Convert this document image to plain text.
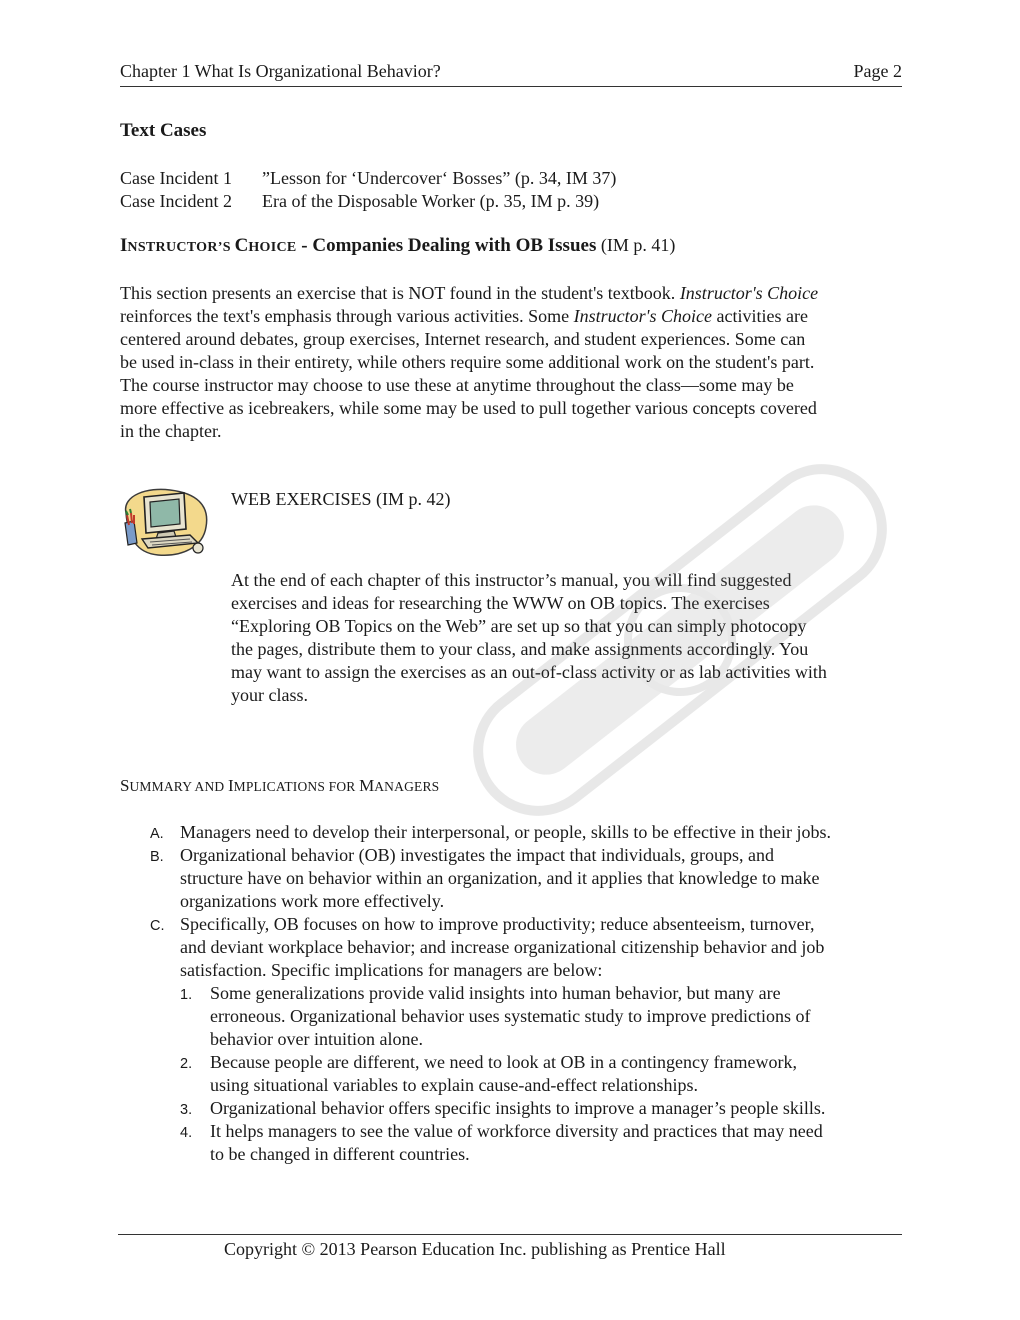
Chapter 1 What Is Organizational Behavior?	Page 2
Text Cases
Case Incident 1 ”Lesson for ‘Undercover‘ Bosses” (p. 34, IM 37)
Case Incident 2 Era of the Disposable Worker (p. 35, IM p. 39)
INSTRUCTOR’S CHOICE - Companies Dealing with OB Issues (IM p. 41)
This section presents an exercise that is NOT found in the student's textbook. Instructor's Choice
reinforces the text's emphasis through various activities. Some Instructor's Choice activities are
centered around debates, group exercises, Internet research, and student experiences. Some can
be used in-class in their entirety, while others require some additional work on the student's part.
The course instructor may choose to use these at anytime throughout the class—some may be
more effective as icebreakers, while some may be used to pull together various concepts covered
in the chapter.
WEB EXERCISES (IM p. 42)
At the end of each chapter of this instructor’s manual, you will find suggested
exercises and ideas for researching the WWW on OB topics. The exercises
“Exploring OB Topics on the Web” are set up so that you can simply photocopy
the pages, distribute them to your class, and make assignments accordingly. You
may want to assign the exercises as an out-of-class activity or as lab activities with
your class.
SUMMARY AND IMPLICATIONS FOR MANAGERS
A. Managers need to develop their interpersonal, or people, skills to be effective in their jobs.
B. Organizational behavior (OB) investigates the impact that individuals, groups, and
structure have on behavior within an organization, and it applies that knowledge to make
organizations work more effectively.
C. Specifically, OB focuses on how to improve productivity; reduce absenteeism, turnover,
and deviant workplace behavior; and increase organizational citizenship behavior and job
satisfaction. Specific implications for managers are below:
1. Some generalizations provide valid insights into human behavior, but many are
erroneous. Organizational behavior uses systematic study to improve predictions of
behavior over intuition alone.
2. Because people are different, we need to look at OB in a contingency framework,
using situational variables to explain cause-and-effect relationships.
3. Organizational behavior offers specific insights to improve a manager’s people skills.
4. It helps managers to see the value of workforce diversity and practices that may need
to be changed in different countries.
Copyright © 2013 Pearson Education Inc. publishing as Prentice Hall
